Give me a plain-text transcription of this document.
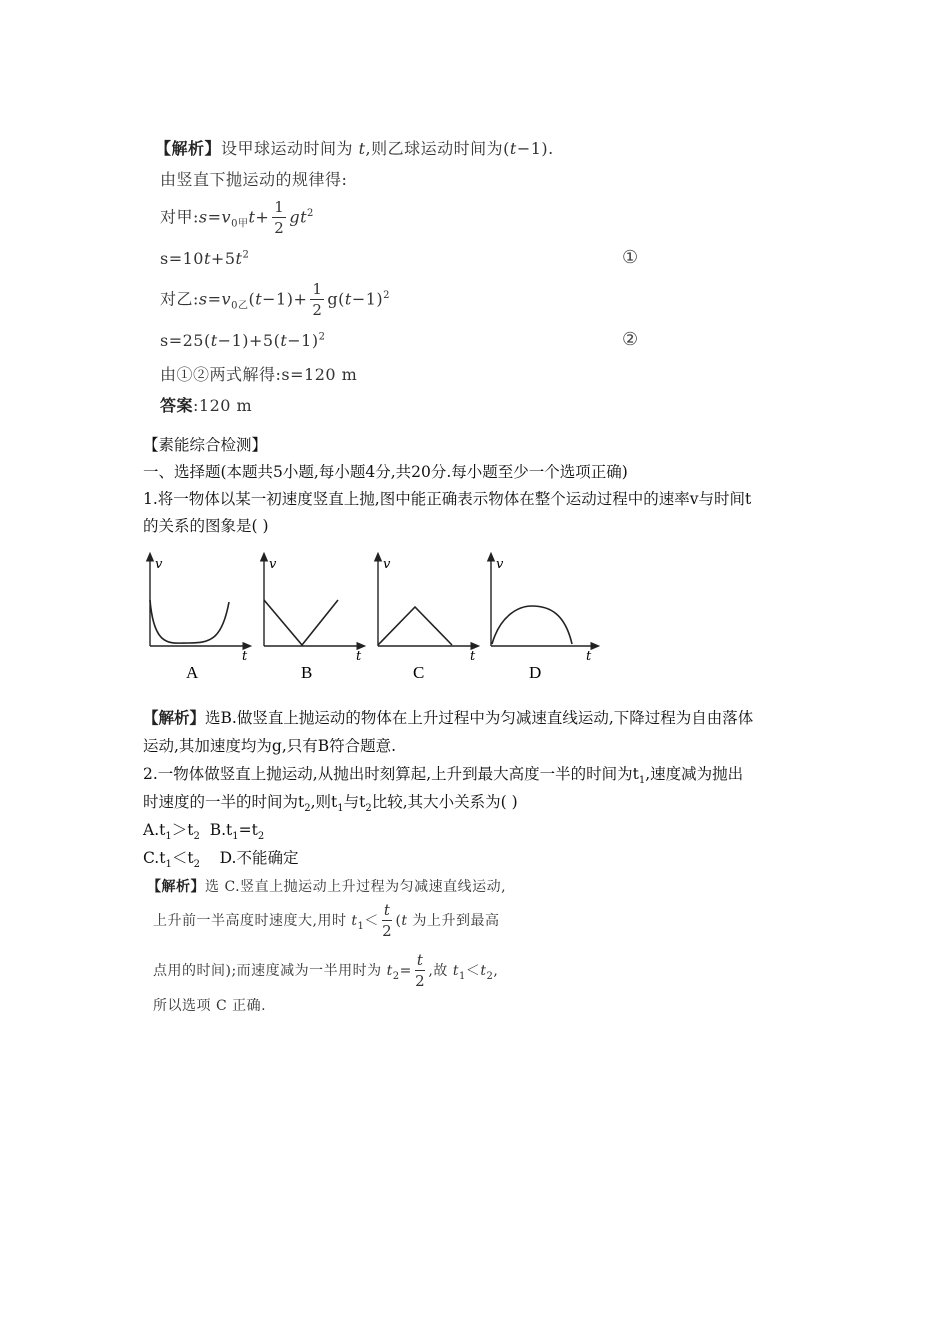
【解析】设甲球运动时间为 t,则乙球运动时间为(t−1).
由竖直下抛运动的规律得:
对甲$:s=v_{0甲}t+ \frac{1}{2} gt^2$
$s=10t+5t^2$	①
对乙$:s=v_{0乙}(t-1)+ \frac{1}{2} g(t-1)^2$
$s=25(t-1)+5(t-1)^2$	②
由①②两式解得:s=120 m
答案:120 m
【素能综合检测】
一、选择题(本题共5小题,每小题4分,共20分.每小题至少一个选项正确)
1.将一物体以某一初速度竖直上抛,图中能正确表示物体在整个运动过程中的速率v与时间t
的关系的图象是( )
v
t
A
v
t
B
v
t
C
v
t
D
【解析】选B.做竖直上抛运动的物体在上升过程中为匀减速直线运动,下降过程为自由落体
运动,其加速度均为g,只有B符合题意.
2.一物体做竖直上抛运动,从抛出时刻算起,上升到最大高度一半的时间为$t_1$,速度减为抛出
时速度的一半的时间为$t_2$,则$t_1$与$t_2$比较,其大小关系为( )
$A.t_1>t_2$ $B.t_1=t_2$
$C.t_1<t_2$ D.不能确定
【解析】选 C.竖直上抛运动上升过程为匀减速直线运动,
上升前一半高度时速度大,用时 $t_1< \frac{t}{2} (t$ 为上升到最高
点用的时间);而速度减为一半用时为 $t_2= \frac{t}{2}$ ,故 $t_1<t_2$,
所以选项 C 正确.
